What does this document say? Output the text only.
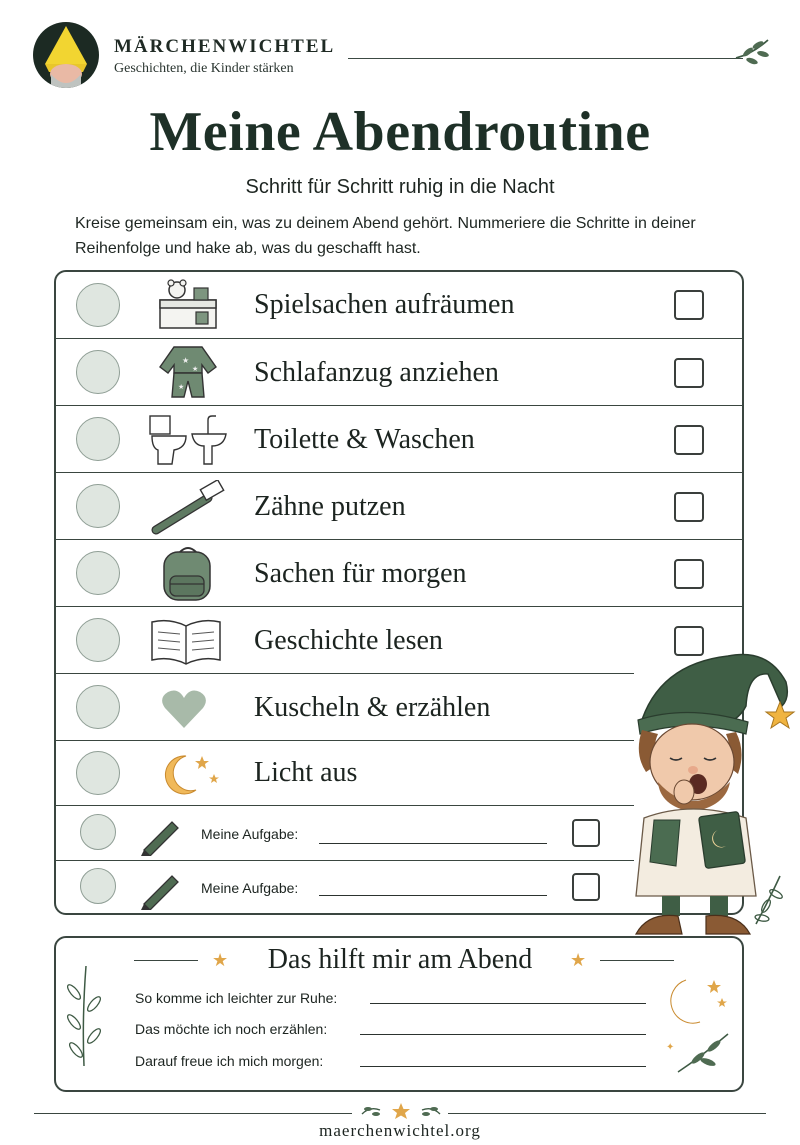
MÄRCHENWICHTEL
Geschichten, die Kinder stärken
Meine Abendroutine
Schritt für Schritt ruhig in die Nacht
Kreise gemeinsam ein, was zu deinem Abend gehört. Nummeriere die Schritte in deiner Reihenfolge und hake ab, was du geschafft hast.
Spielsachen aufräumen
★
★
★ Schlafanzug anziehen
Toilette & Waschen
Zähne putzen
Sachen für morgen
Geschichte lesen
Kuscheln & erzählen
Licht aus
Meine Aufgabe:
Meine Aufgabe:
★	★
Das hilft mir am Abend
So komme ich leichter zur Ruhe:
Das möchte ich noch erzählen:
Darauf freue ich mich morgen:
✦
maerchenwichtel.org
